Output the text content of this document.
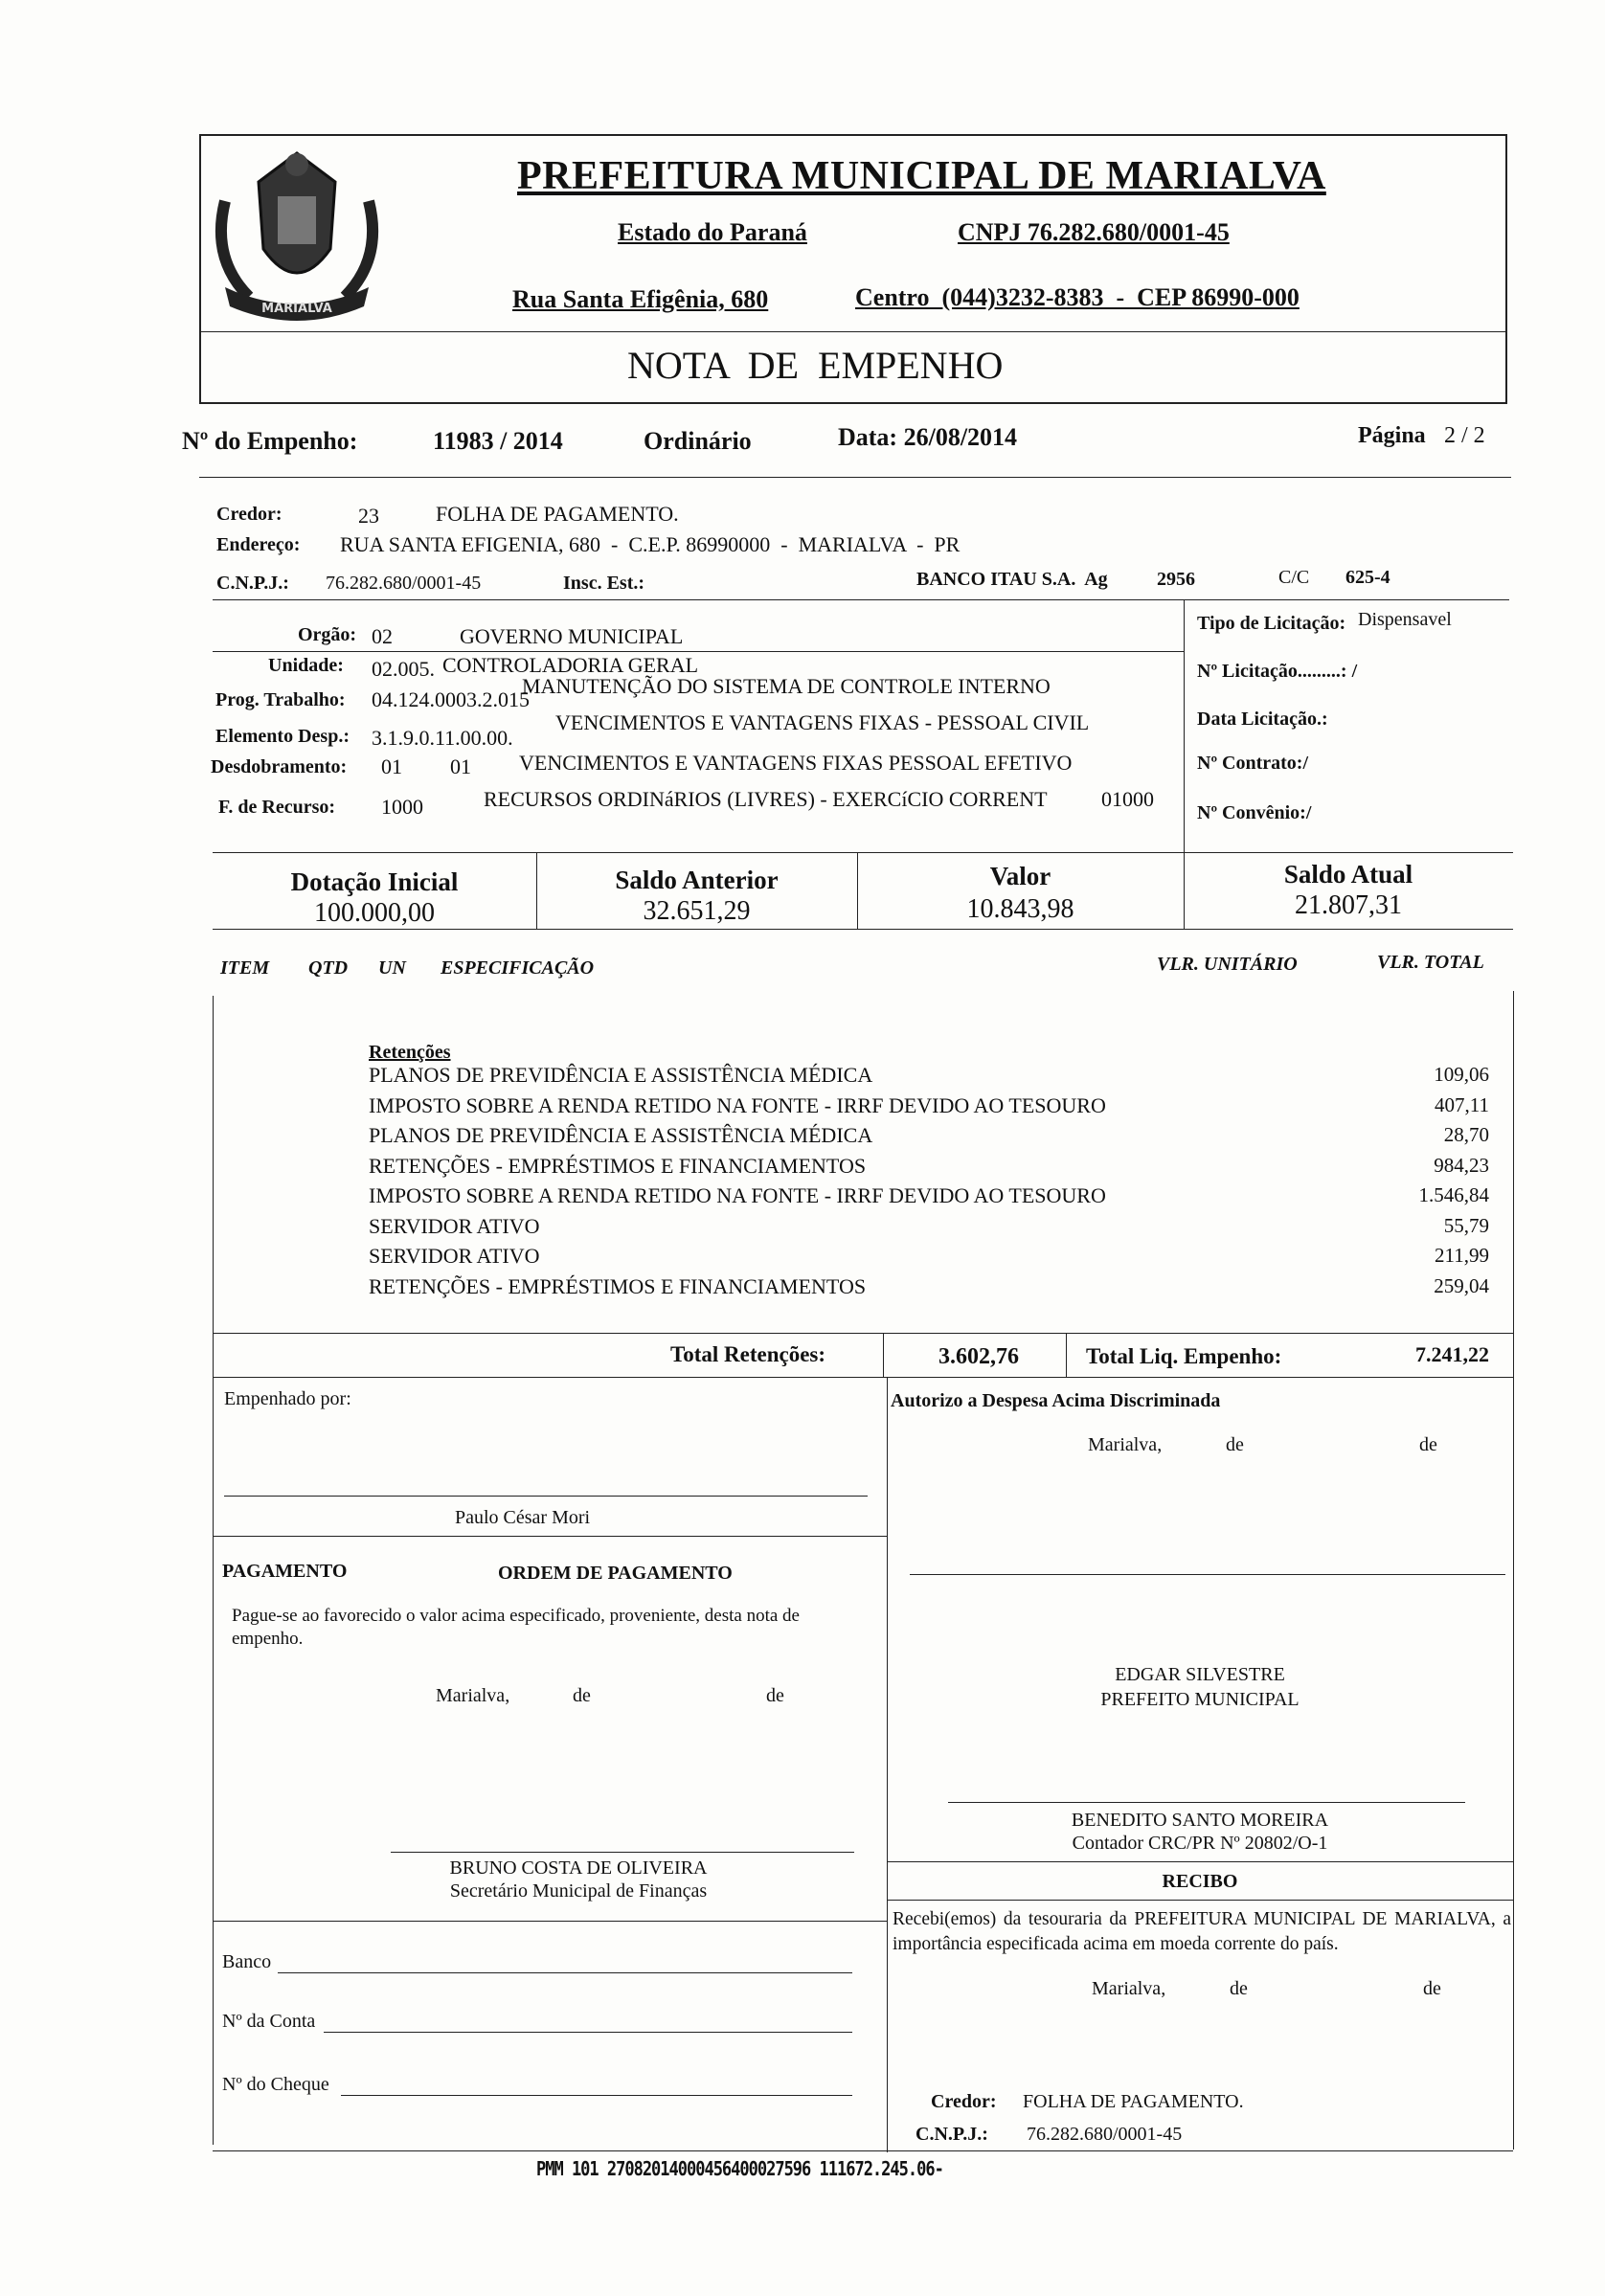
MARIALVA
PREFEITURA MUNICIPAL DE MARIALVA
Estado do Paraná	CNPJ 76.282.680/0001-45
Rua Santa Efigênia, 680	Centro  (044)3232-8383  -  CEP 86990-000
NOTA  DE  EMPENHO
Nº do Empenho:	11983 / 2014	Ordinário	Data: 26/08/2014	Página 2 / 2
Credor:	23	FOLHA DE PAGAMENTO.
Endereço: RUA SANTA EFIGENIA, 680  -  C.E.P. 86990000  -  MARIALVA  -  PR
C.N.P.J.: 76.282.680/0001-45	Insc. Est.:	BANCO ITAU S.A.  Ag	2956	C/C 625-4
Orgão: 02	GOVERNO MUNICIPAL
Unidade: 02.005. CONTROLADORIA GERAL
Prog. Trabalho: 04.124.0003.2.015
MANUTENÇÃO DO SISTEMA DE CONTROLE INTERNO
Elemento Desp.: 3.1.9.0.11.00.00.
VENCIMENTOS E VANTAGENS FIXAS - PESSOAL CIVIL
Desdobramento: 01 01 VENCIMENTOS E VANTAGENS FIXAS PESSOAL EFETIVO
F. de Recurso: 1000	RECURSOS ORDINáRIOS (LIVRES) - EXERCíCIO CORRENT	01000
Tipo de Licitação: Dispensavel
Nº Licitação.........: /
Data Licitação.:
Nº Contrato:/
Nº Convênio:/
Dotação Inicial
100.000,00
Saldo Anterior
32.651,29
Valor
10.843,98
Saldo Atual
21.807,31
ITEM QTD UN ESPECIFICAÇÃO	VLR. UNITÁRIO	VLR. TOTAL
Retenções
PLANOS DE PREVIDÊNCIA E ASSISTÊNCIA MÉDICA	109,06
IMPOSTO SOBRE A RENDA RETIDO NA FONTE - IRRF DEVIDO AO TESOURO	407,11
PLANOS DE PREVIDÊNCIA E ASSISTÊNCIA MÉDICA	28,70
RETENÇÕES - EMPRÉSTIMOS E FINANCIAMENTOS	984,23
IMPOSTO SOBRE A RENDA RETIDO NA FONTE - IRRF DEVIDO AO TESOURO	1.546,84
SERVIDOR ATIVO	55,79
SERVIDOR ATIVO	211,99
RETENÇÕES - EMPRÉSTIMOS E FINANCIAMENTOS	259,04
Total Retenções:	3.602,76	Total Liq. Empenho:	7.241,22
Empenhado por:
Paulo César Mori
Autorizo a Despesa Acima Discriminada
Marialva,	de	de
PAGAMENTO	ORDEM DE PAGAMENTO
Pague-se ao favorecido o valor acima especificado, proveniente, desta nota de empenho.
Marialva,	de	de
EDGAR SILVESTRE
PREFEITO MUNICIPAL
BENEDITO SANTO MOREIRA
Contador CRC/PR Nº 20802/O-1
BRUNO COSTA DE OLIVEIRA
Secretário Municipal de Finanças	RECIBO
Recebi(emos) da tesouraria da PREFEITURA MUNICIPAL DE MARIALVA, a importância especificada acima em moeda corrente do país.
Marialva,	de	de
Banco
Nº da Conta
Nº do Cheque
Credor: FOLHA DE PAGAMENTO.
C.N.P.J.: 76.282.680/0001-45
PMM 101 27082014000456400027596 111672.245.06-
